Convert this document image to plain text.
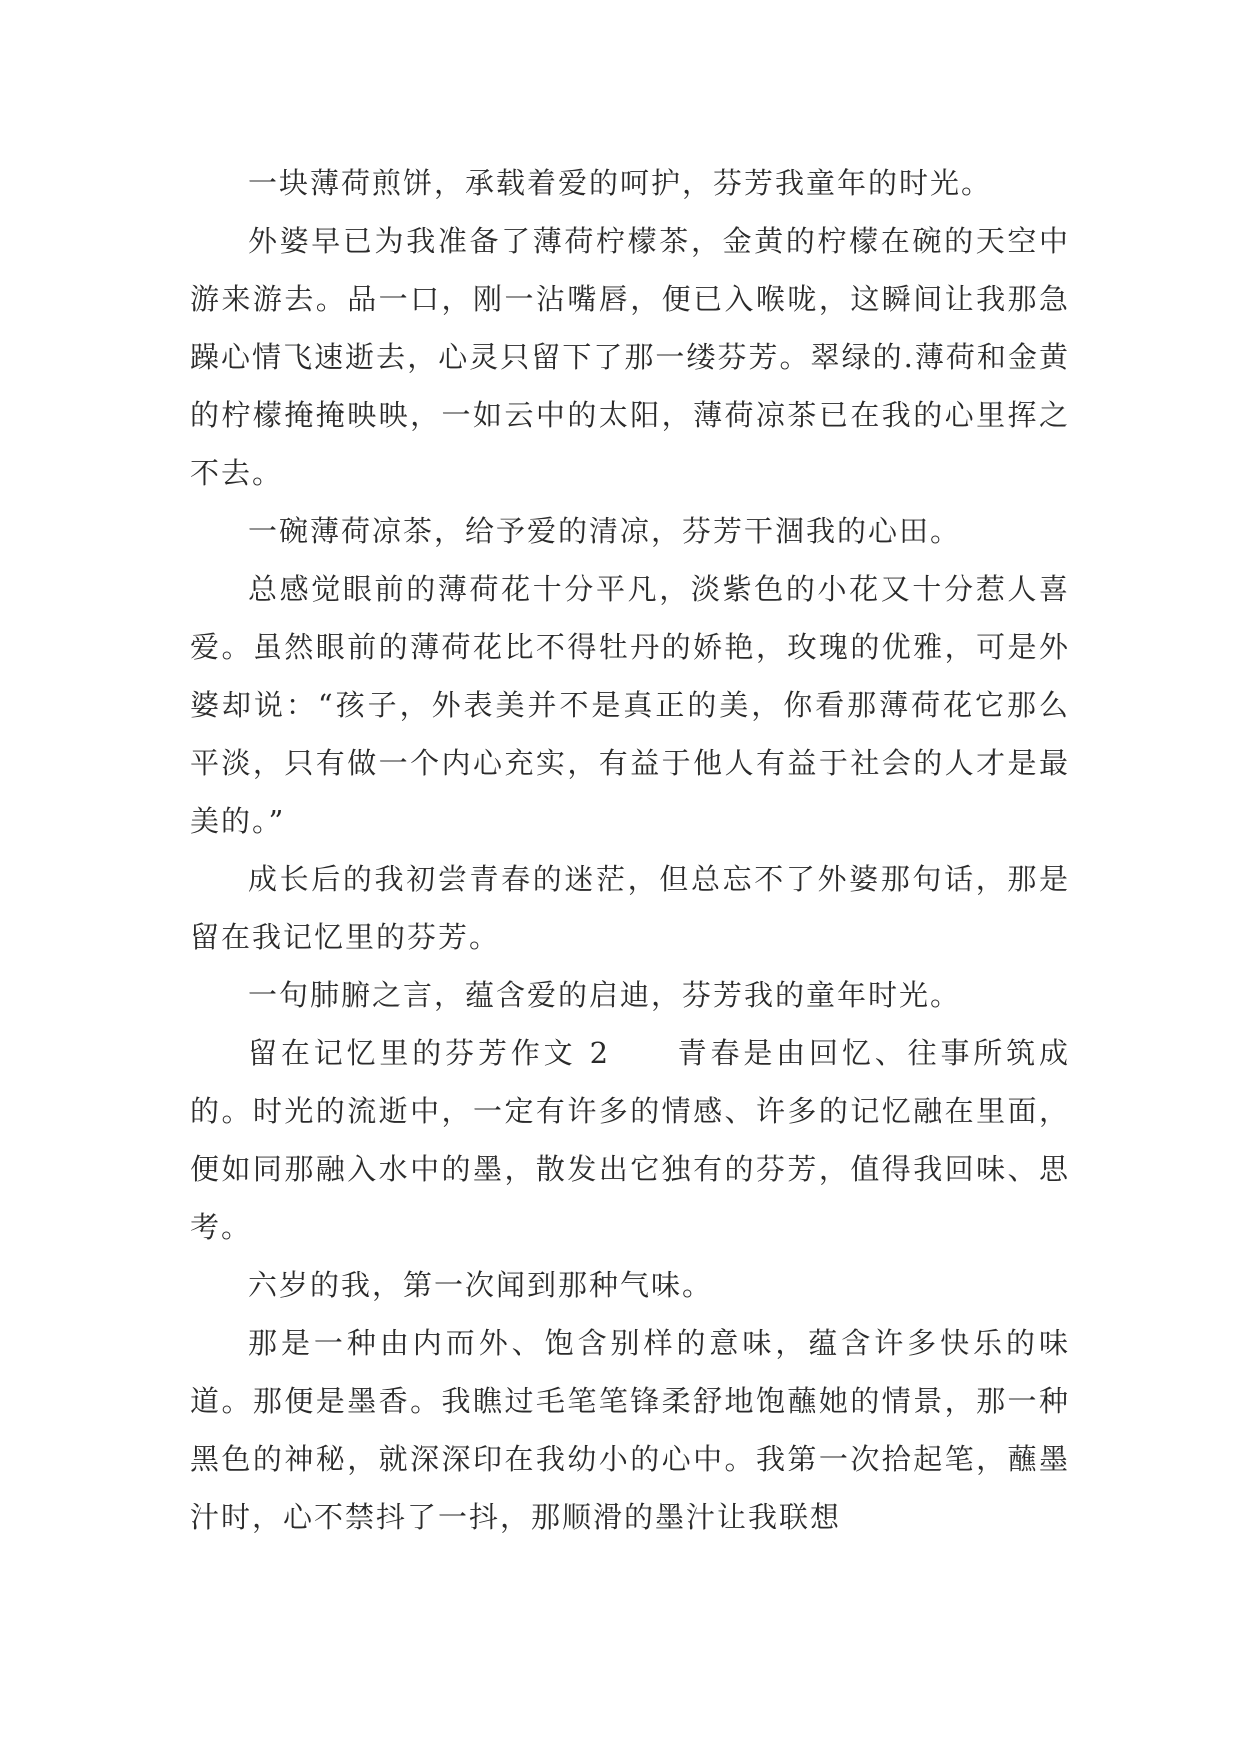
一块薄荷煎饼，承载着爱的呵护，芬芳我童年的时光。

外婆早已为我准备了薄荷柠檬茶，金黄的柠檬在碗的天空中游来游去。品一口，刚一沾嘴唇，便已入喉咙，这瞬间让我那急躁心情飞速逝去，心灵只留下了那一缕芬芳。翠绿的.薄荷和金黄的柠檬掩掩映映，一如云中的太阳，薄荷凉茶已在我的心里挥之不去。

一碗薄荷凉茶，给予爱的清凉，芬芳干涸我的心田。

总感觉眼前的薄荷花十分平凡，淡紫色的小花又十分惹人喜爱。虽然眼前的薄荷花比不得牡丹的娇艳，玫瑰的优雅，可是外婆却说：“孩子，外表美并不是真正的美，你看那薄荷花它那么平淡，只有做一个内心充实，有益于他人有益于社会的人才是最美的。”

成长后的我初尝青春的迷茫，但总忘不了外婆那句话，那是留在我记忆里的芬芳。

一句肺腑之言，蕴含爱的启迪，芬芳我的童年时光。

留在记忆里的芬芳作文 2　　青春是由回忆、往事所筑成的。时光的流逝中，一定有许多的情感、许多的记忆融在里面，便如同那融入水中的墨，散发出它独有的芬芳，值得我回味、思考。

六岁的我，第一次闻到那种气味。

那是一种由内而外、饱含别样的意味，蕴含许多快乐的味道。那便是墨香。我瞧过毛笔笔锋柔舒地饱蘸她的情景，那一种黑色的神秘，就深深印在我幼小的心中。我第一次拾起笔，蘸墨汁时，心不禁抖了一抖，那顺滑的墨汁让我联想
